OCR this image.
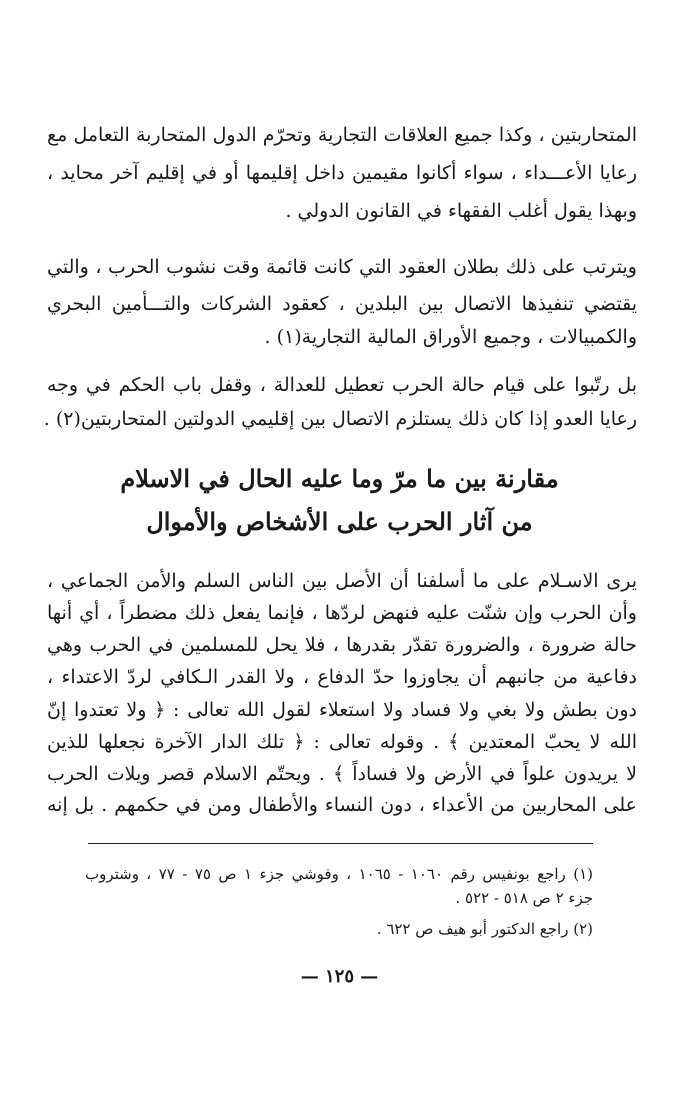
المتحاربتين ، وكذا جميع العلاقات التجارية وتحرّم الدول المتحاربة التعامل مع
رعايا الأعـــداء ، سواء أكانوا مقيمين داخل إقليمها أو في إقليم آخر محايد ،
وبهذا يقول أغلب الفقهاء في القانون الدولي .
ويترتب على ذلك بطلان العقود التي كانت قائمة وقت نشوب الحرب ، والتي
يقتضي تنفيذها الاتصال بين البلدين ، كعقود الشركات والتـــأمين البحري
والكمبيالات ، وجميع الأوراق المالية التجارية(١) .
بل رتّبوا على قيام حالة الحرب تعطيل للعدالة ، وقفل باب الحكم في وجه
رعايا العدو إذا كان ذلك يستلزم الاتصال بين إقليمي الدولتين المتحاربتين(٢) .
مقارنة بين ما مرّ وما عليه الحال في الاسلام
من آثار الحرب على الأشخاص والأموال
يرى الاسـلام على ما أسلفنا أن الأصل بين الناس السلم والأمن الجماعي ،
وأن الحرب وإن شنّت عليه فنهض لردّها ، فإنما يفعل ذلك مضطراً ، أي أنها
حالة ضرورة ، والضرورة تقدّر بقدرها ، فلا يحل للمسلمين في الحرب وهي
دفاعية من جانبهم أن يجاوزوا حدّ الدفاع ، ولا القدر الـكافي لردّ الاعتداء ،
دون بطش ولا بغي ولا فساد ولا استعلاء لقول الله تعالى : ﴿ ولا تعتدوا إنّ
الله لا يحبّ المعتدين ﴾ . وقوله تعالى : ﴿ تلك الدار الآخرة نجعلها للذين
لا يريدون علواً في الأرض ولا فساداً ﴾ . ويحتّم الاسلام قصر ويلات الحرب
على المحاربين من الأعداء ، دون النساء والأطفال ومن في حكمهم . بل إنه
(١) راجع بونفيس رقم ١٠٦٠ - ١٠٦٥ ، وفوشي جزء ١ ص ٧٥ - ٧٧ ، وشتروب
جزء ٢ ص ٥١٨ - ٥٢٢ .
(٢) راجع الدكتور أبو هيف ص ٦٢٢ .
— ١٢٥ —
